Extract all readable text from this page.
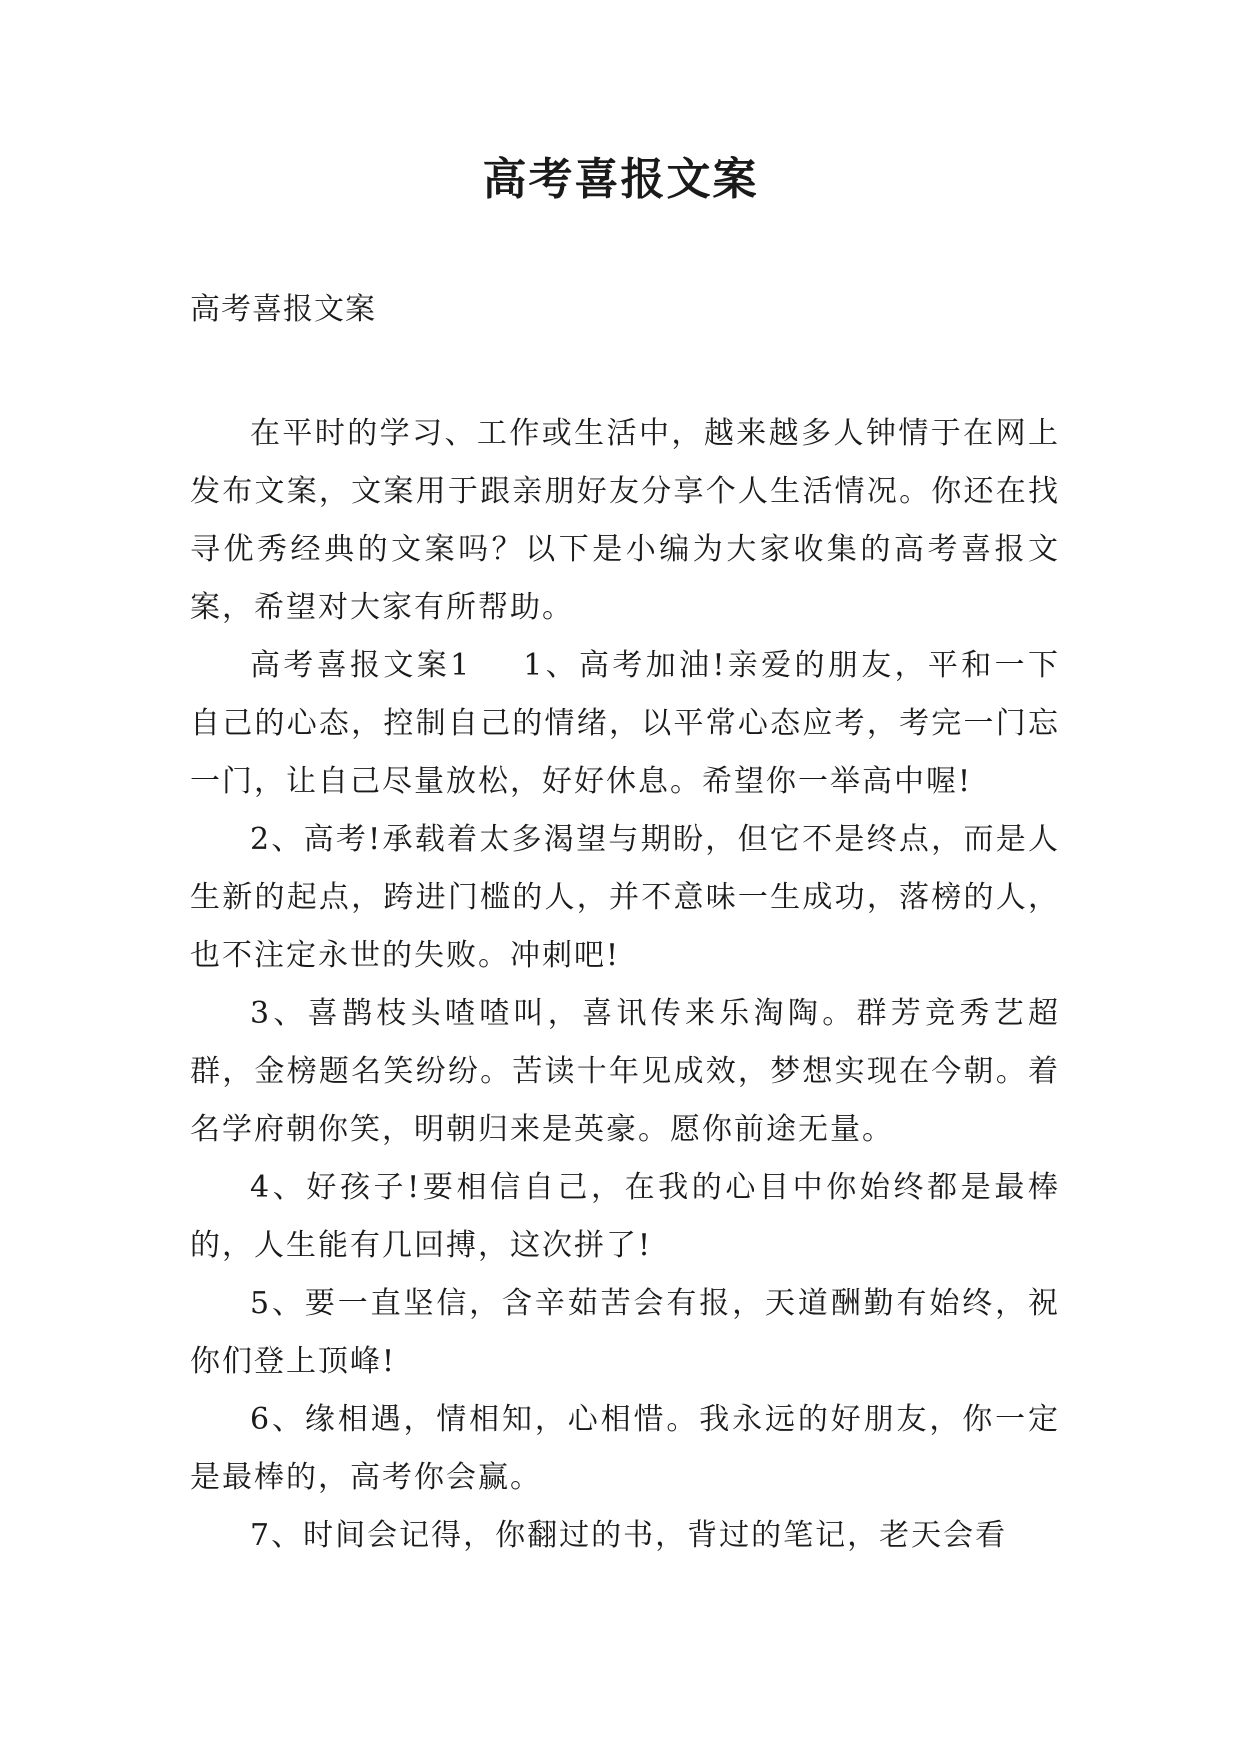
高考喜报文案

高考喜报文案

在平时的学习、工作或生活中，越来越多人钟情于在网上发布文案，文案用于跟亲朋好友分享个人生活情况。你还在找寻优秀经典的文案吗？以下是小编为大家收集的高考喜报文案，希望对大家有所帮助。

高考喜报文案1 1、高考加油!亲爱的朋友，平和一下自己的心态，控制自己的情绪，以平常心态应考，考完一门忘一门，让自己尽量放松，好好休息。希望你一举高中喔!

2、高考!承载着太多渴望与期盼，但它不是终点，而是人生新的起点，跨进门槛的人，并不意味一生成功，落榜的人，也不注定永世的失败。冲刺吧!

3、喜鹊枝头喳喳叫，喜讯传来乐淘陶。群芳竞秀艺超群，金榜题名笑纷纷。苦读十年见成效，梦想实现在今朝。着名学府朝你笑，明朝归来是英豪。愿你前途无量。

4、好孩子!要相信自己，在我的心目中你始终都是最棒的，人生能有几回搏，这次拼了!

5、要一直坚信，含辛茹苦会有报，天道酬勤有始终，祝你们登上顶峰!

6、缘相遇，情相知，心相惜。我永远的好朋友，你一定是最棒的，高考你会赢。

7、时间会记得，你翻过的书，背过的笔记，老天会看
